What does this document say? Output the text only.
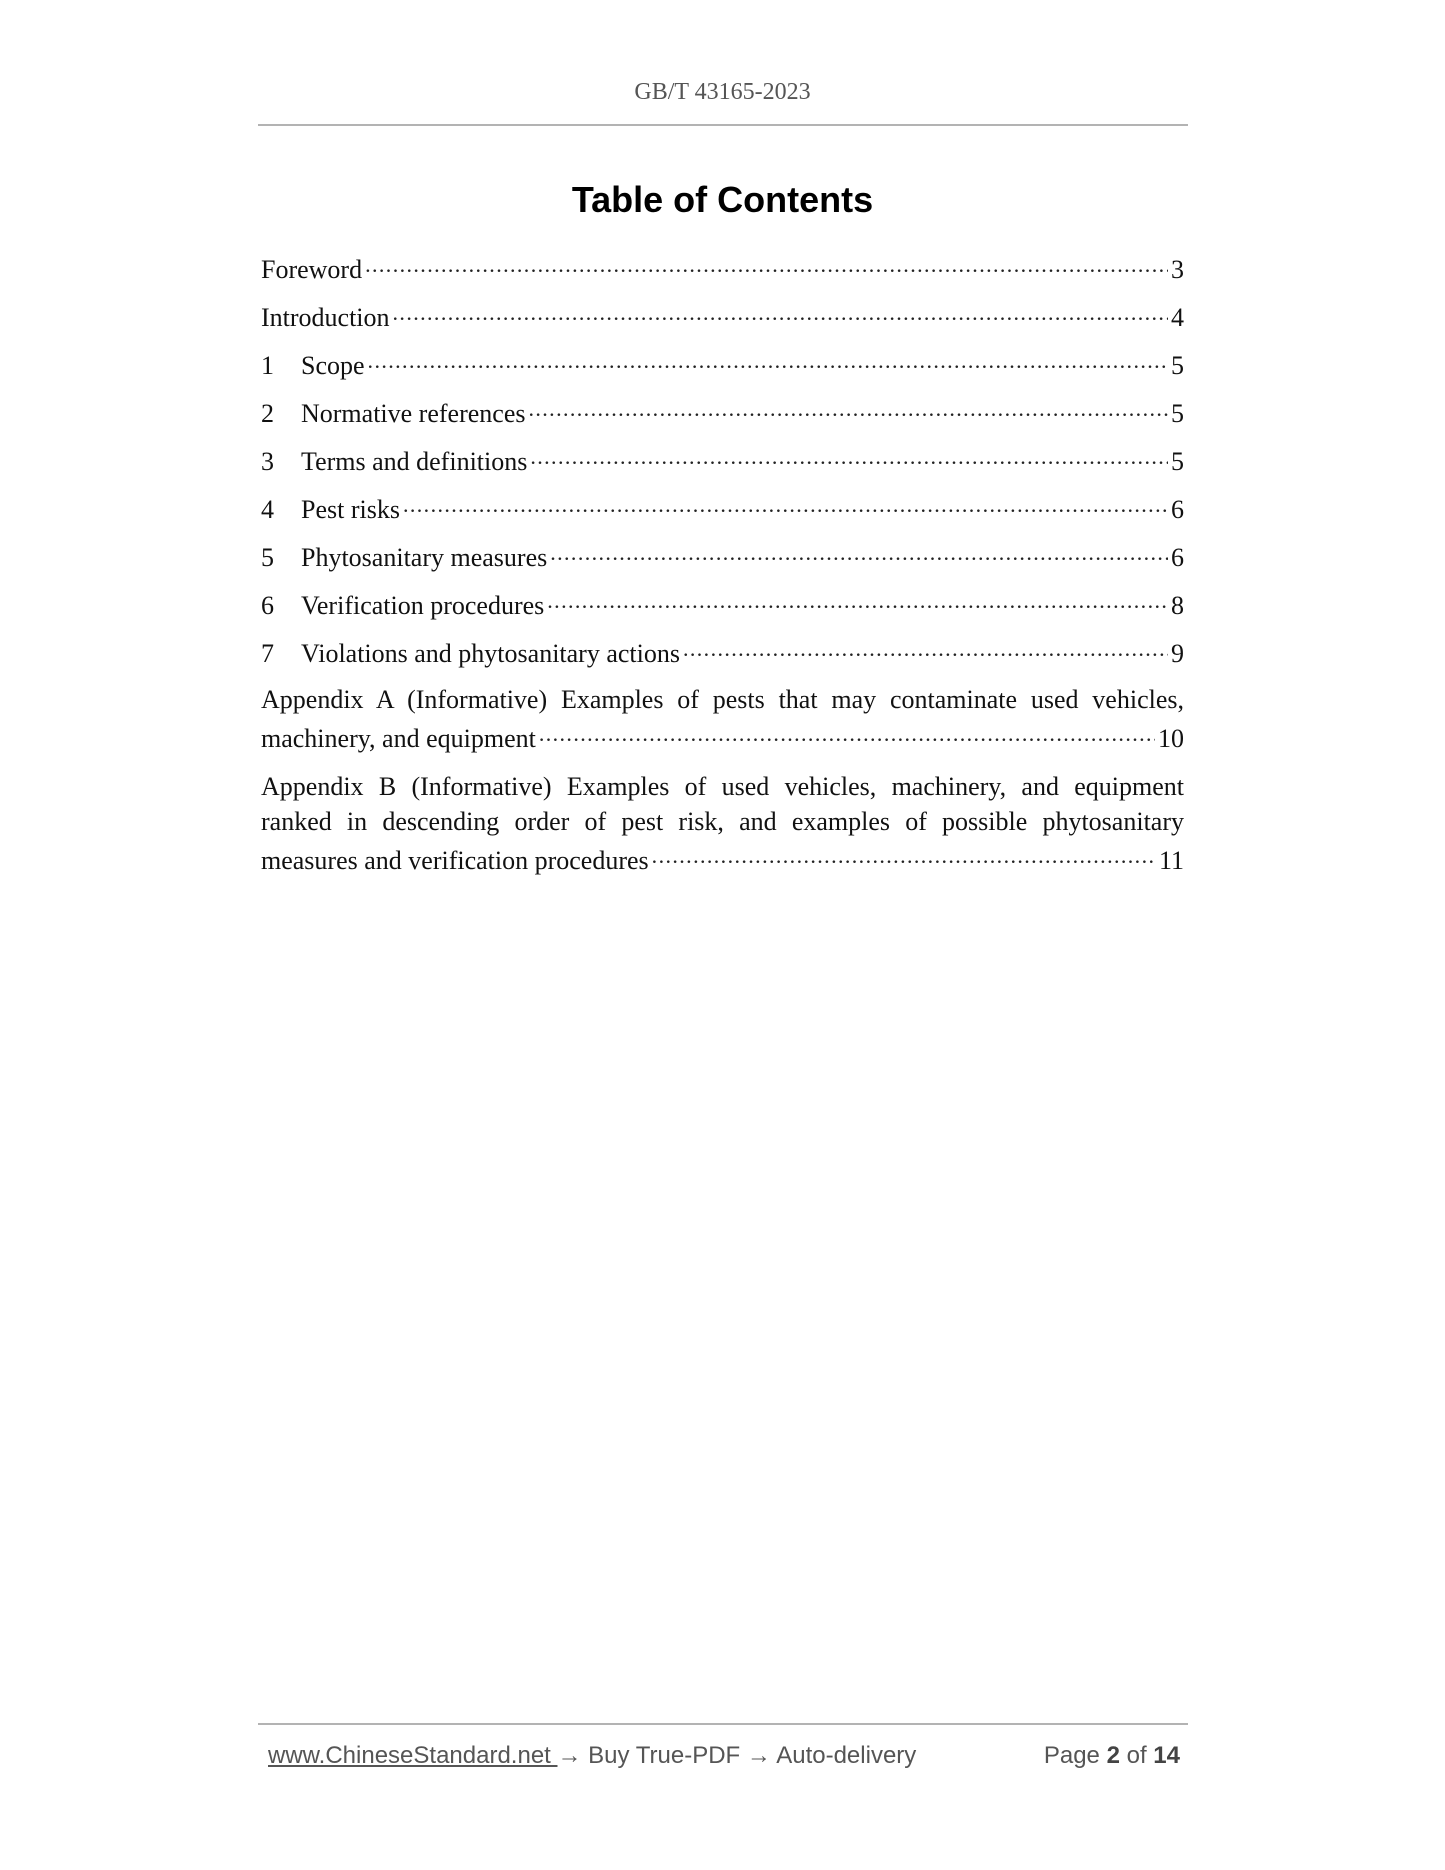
GB/T 43165-2023
Table of Contents
Foreword .....	3
Introduction .....	4
1	Scope .....	5
2	Normative references .....	5
3	Terms and definitions .....	5
4	Pest risks .....	6
5	Phytosanitary measures .....	6
6	Verification procedures .....	8
7	Violations and phytosanitary actions .....	9
Appendix A (Informative) Examples of pests that may contaminate used vehicles,
machinery, and equipment .....	10
Appendix B (Informative) Examples of used vehicles, machinery, and equipment
ranked in descending order of pest risk, and examples of possible phytosanitary
measures and verification procedures .....	11
www.ChineseStandard.net → Buy True-PDF → Auto-delivery	Page 2 of 14
